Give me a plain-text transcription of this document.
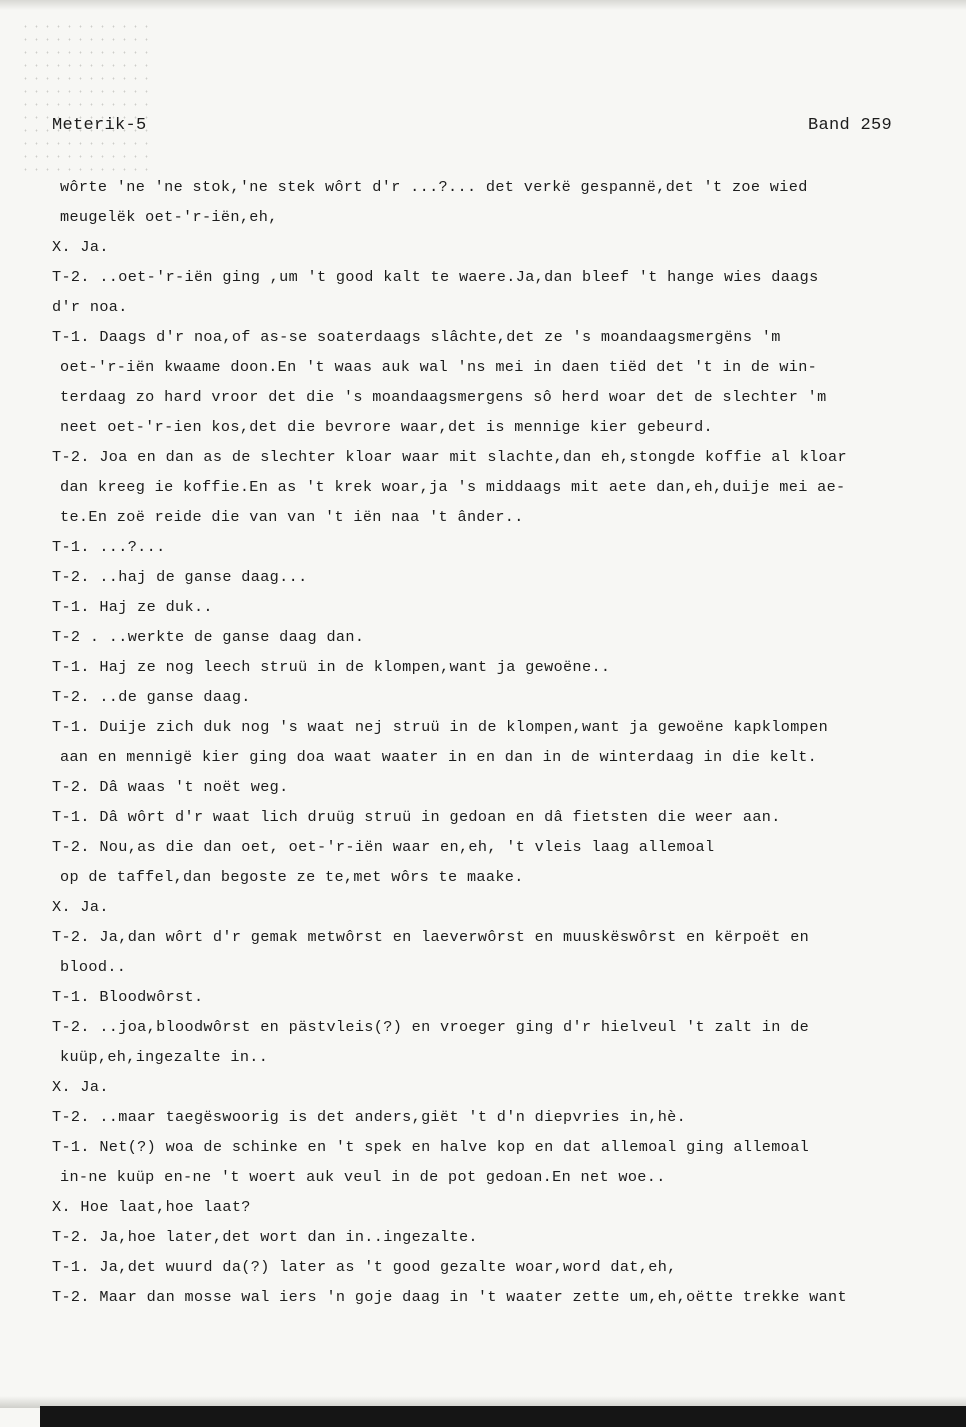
Meterik-5	Band 259
wôrte 'ne 'ne stok,'ne stek wôrt d'r ...?... det verkë gespannë,det 't zoe wied
meugelëk oet-'r-iën,eh,
X. Ja.
T-2. ..oet-'r-iën ging ,um 't good kalt te waere.Ja,dan bleef 't hange wies daags
d'r noa.
T-1. Daags d'r noa,of as-se soaterdaags slâchte,det ze 's moandaagsmergëns 'm
oet-'r-iën kwaame doon.En 't waas auk wal 'ns mei in daen tiëd det 't in de win-
terdaag zo hard vroor det die 's moandaagsmergens sô herd woar det de slechter 'm
neet oet-'r-ien kos,det die bevrore waar,det is mennige kier gebeurd.
T-2. Joa en dan as de slechter kloar waar mit slachte,dan eh,stongde koffie al kloar
dan kreeg ie koffie.En as 't krek woar,ja 's middaags mit aete dan,eh,duije mei ae-
te.En zoë reide die van van 't iën naa 't ânder..
T-1. ...?...
T-2. ..haj de ganse daag...
T-1. Haj ze duk..
T-2 . ..werkte de ganse daag dan.
T-1. Haj ze nog leech struü in de klompen,want ja gewoëne..
T-2. ..de ganse daag.
T-1. Duije zich duk nog 's waat nej struü in de klompen,want ja gewoëne kapklompen
aan en mennigë kier ging doa waat waater in en dan in de winterdaag in die kelt.
T-2. Dâ waas 't noët weg.
T-1. Dâ wôrt d'r waat lich druüg struü in gedoan en dâ fietsten die weer aan.
T-2. Nou,as die dan oet, oet-'r-iën waar en,eh, 't vleis laag allemoal
op de taffel,dan begoste ze te,met wôrs te maake.
X. Ja.
T-2. Ja,dan wôrt d'r gemak metwôrst en laeverwôrst en muuskëswôrst en kërpoët en
blood..
T-1. Bloodwôrst.
T-2. ..joa,bloodwôrst en pästvleis(?) en vroeger ging d'r hielveul 't zalt in de
kuüp,eh,ingezalte in..
X. Ja.
T-2. ..maar taegëswoorig is det anders,giët 't d'n diepvries in,hè.
T-1. Net(?) woa de schinke en 't spek en halve kop en dat allemoal ging allemoal
in-ne kuüp en-ne 't woert auk veul in de pot gedoan.En net woe..
X. Hoe laat,hoe laat?
T-2. Ja,hoe later,det wort dan in..ingezalte.
T-1. Ja,det wuurd da(?) later as 't good gezalte woar,word dat,eh,
T-2. Maar dan mosse wal iers 'n goje daag in 't waater zette um,eh,oëtte trekke want
